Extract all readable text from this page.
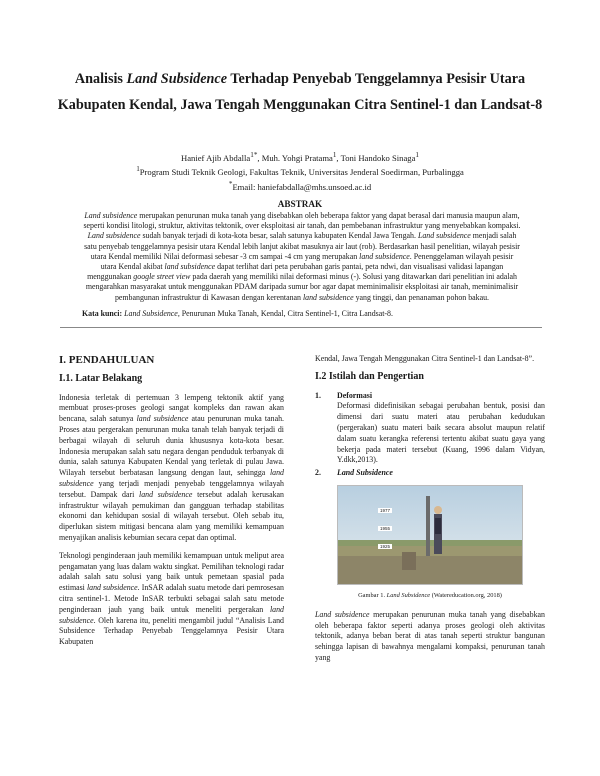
Analisis Land Subsidence Terhadap Penyebab Tenggelamnya Pesisir Utara Kabupaten Kendal, Jawa Tengah Menggunakan Citra Sentinel-1 dan Landsat-8
Hanief Ajib Abdalla$^{1*}$, Muh. Yohgi Pratama$^1$, Toni Handoko Sinaga$^1$
$^1$Program Studi Teknik Geologi, Fakultas Teknik, Universitas Jenderal Soedirman, Purbalingga
*Email: haniefabdalla@mhs.unsoed.ac.id
ABSTRAK
Land subsidence merupakan penurunan muka tanah yang disebabkan oleh beberapa faktor yang dapat berasal dari manusia maupun alam, seperti kondisi litologi, struktur, aktivitas tektonik, over eksploitasi air tanah, dan pembebanan infrastruktur yang menyebabkan kompaksi. Land subsidence sudah banyak terjadi di kota-kota besar, salah satunya kabupaten Kendal Jawa Tengah. Land subsidence menjadi salah satu penyebab tenggelamnya pesisir utara Kendal lebih lanjut akibat masuknya air laut (rob). Berdasarkan hasil penelitian, wilayah pesisir utara Kendal memiliki Nilai deformasi sebesar -3 cm sampai -4 cm yang merupakan land subsidence. Penenggelaman wilayah pesisir utara Kendal akibat land subsidence dapat terlihat dari peta perubahan garis pantai, peta ndwi, dan visualisasi validasi lapangan menggunakan google street view pada daerah yang memiliki nilai deformasi minus (-). Solusi yang ditawarkan dari penelitian ini adalah mengarahkan masyarakat untuk menggunakan PDAM daripada sumur bor agar dapat meminimalisir eksploitasi air tanah, meminimalisir pembangunan infrastruktur di Kawasan dengan kerentanan land subsidence yang tinggi, dan penanaman pohon bakau.
Kata kunci: Land Subsidence, Penurunan Muka Tanah, Kendal, Citra Sentinel-1, Citra Landsat-8.
I. PENDAHULUAN
I.1. Latar Belakang

Indonesia terletak di pertemuan 3 lempeng tektonik aktif yang membuat proses-proses geologi sangat kompleks dan rawan akan bencana, salah satunya land subsidence atau penurunan muka tanah. Proses atau pergerakan penurunan muka tanah telah banyak terjadi di berbagai wilayah di seluruh dunia khususnya kota-kota besar. Indonesia merupakan salah satu negara dengan penduduk terbanyak di dunia, salah satunya Kabupaten Kendal yang terletak di pulau Jawa. Wilayah tersebut berbatasan langsung dengan laut, sehingga land subsidence yang terjadi menjadi penyebab tenggelamnya wilayah tersebut. Dampak dari land subsidence tersebut adalah kerusakan infrastruktur wilayah pemukiman dan gangguan terhadap stabilitas ekonomi dan kehidupan sosial di wilayah tersebut. Oleh sebab itu, diperlukan sistem mitigasi bencana alam yang memiliki kemampuan menyajikan analisis kebumian secara cepat dan optimal.

Teknologi penginderaan jauh memiliki kemampuan untuk meliput area pengamatan yang luas dalam waktu singkat. Pemilihan teknologi radar adalah salah satu solusi yang baik untuk pemetaan spasial pada estimasi land subsidence. InSAR adalah suatu metode dari pemrosesan citra sentinel-1. Metode InSAR terbukti sebagai salah satu metode penginderaan jauh yang baik untuk meneliti pergerakan land subsidence. Oleh karena itu, peneliti mengambil judul “Analisis Land Subsidence Terhadap Penyebab Tenggelamnya Pesisir Utara Kabupaten

Kendal, Jawa Tengah Menggunakan Citra Sentinel-1 dan Landsat-8”.

I.2 Istilah dan Pengertian
1.	Deformasi
Deformasi didefinisikan sebagai perubahan bentuk, posisi dan dimensi dari suatu materi atau perubahan kedudukan (pergerakan) suatu materi baik secara absolut maupun relatif dalam suatu kerangka referensi tertentu akibat suatu gaya yang bekerja pada materi tersebut (Kuang, 1996 dalam Vidyan, Y.dkk,2013).
2.	Land Subsidence
1977
1955
1925
Gambar 1. Land Subsidence (Watereducation.org, 2018)

Land subsidence merupakan penurunan muka tanah yang disebabkan oleh beberapa faktor seperti adanya proses geologi oleh aktivitas tektonik, adanya beban berat di atas tanah seperti struktur bangunan sehingga lapisan di bawahnya mengalami kompaksi, penurunan tanah yang
